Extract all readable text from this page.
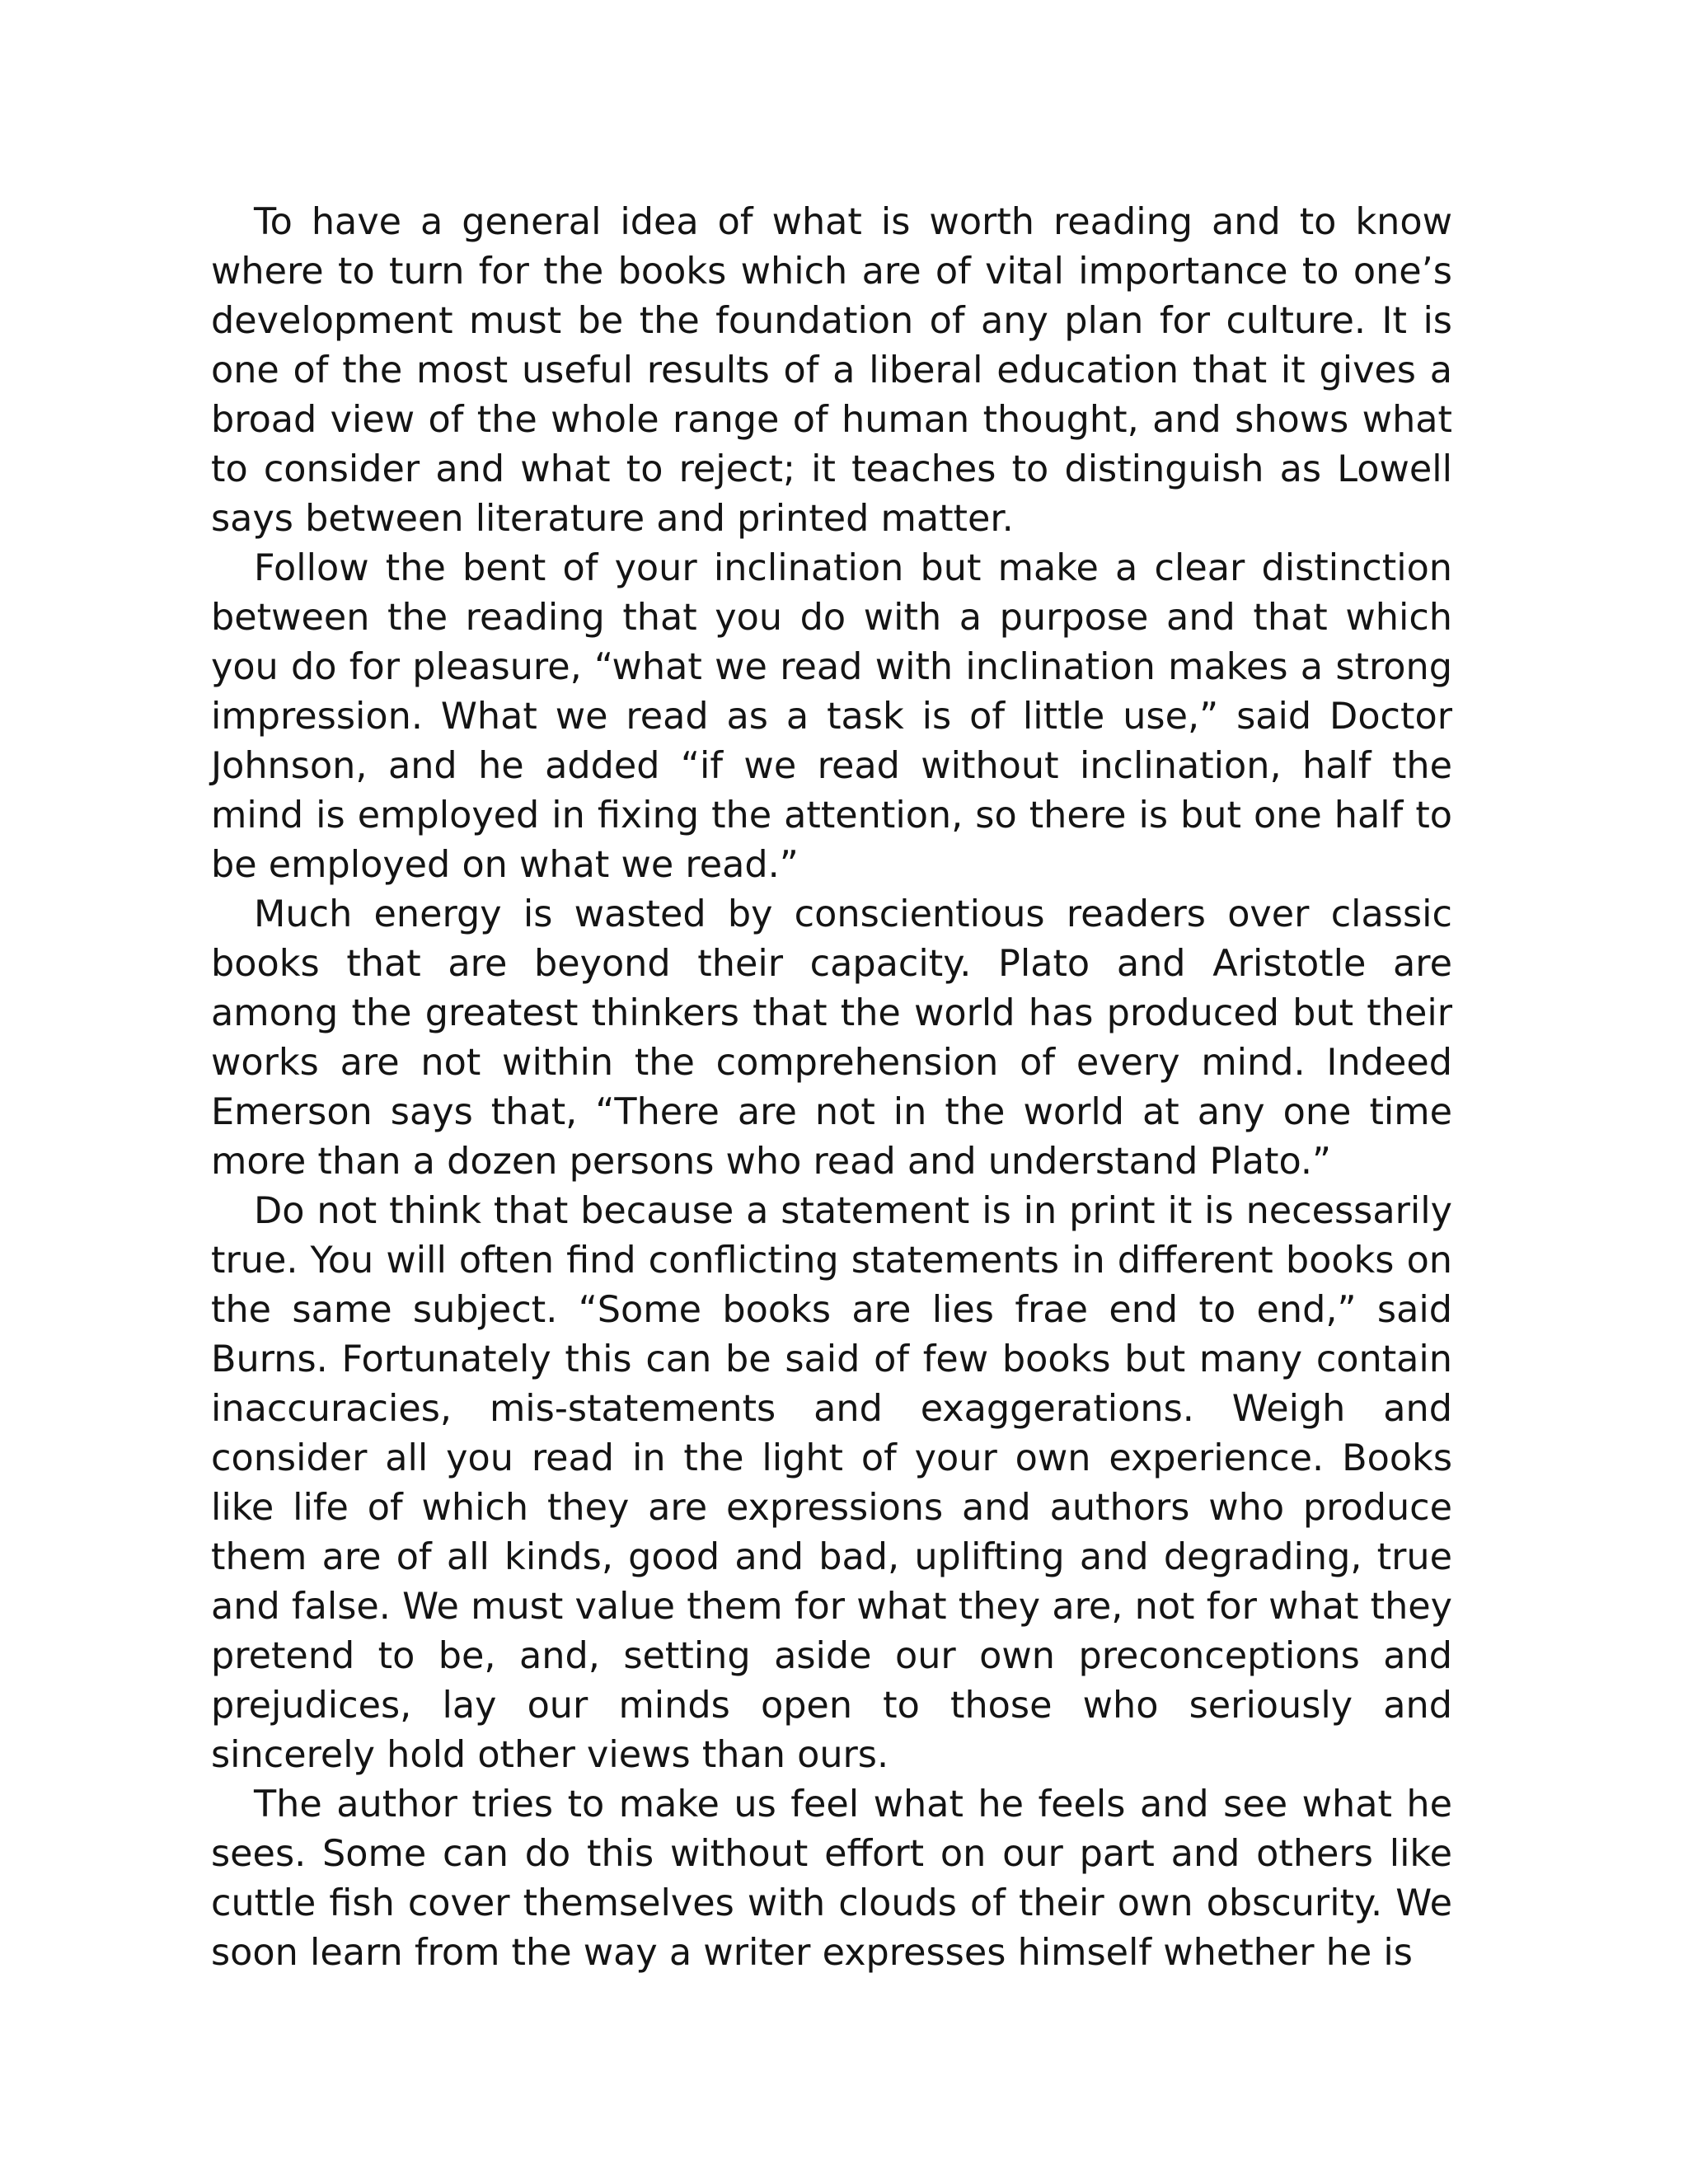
To have a general idea of what is worth reading and to know where to turn for the books which are of vital importance to one’s development must be the foundation of any plan for culture. It is one of the most useful results of a liberal education that it gives a broad view of the whole range of human thought, and shows what to consider and what to reject; it teaches to distinguish as Lowell says between literature and printed matter.

Follow the bent of your inclination but make a clear distinction between the reading that you do with a purpose and that which you do for pleasure, “what we read with inclination makes a strong impression. What we read as a task is of little use,” said Doctor Johnson, and he added “if we read without inclination, half the mind is employed in fixing the attention, so there is but one half to be employed on what we read.”

Much energy is wasted by conscientious readers over classic books that are beyond their capacity. Plato and Aristotle are among the greatest thinkers that the world has produced but their works are not within the comprehension of every mind. Indeed Emerson says that, “There are not in the world at any one time more than a dozen persons who read and understand Plato.”

Do not think that because a statement is in print it is necessarily true. You will often find conflicting statements in different books on the same subject. “Some books are lies frae end to end,” said Burns. Fortunately this can be said of few books but many contain inaccuracies, mis-statements and exaggerations. Weigh and consider all you read in the light of your own experience. Books like life of which they are expressions and authors who produce them are of all kinds, good and bad, uplifting and degrading, true and false. We must value them for what they are, not for what they pretend to be, and, setting aside our own preconceptions and prejudices, lay our minds open to those who seriously and sincerely hold other views than ours.

The author tries to make us feel what he feels and see what he sees. Some can do this without effort on our part and others like cuttle fish cover themselves with clouds of their own obscurity. We soon learn from the way a writer expresses himself whether he is
